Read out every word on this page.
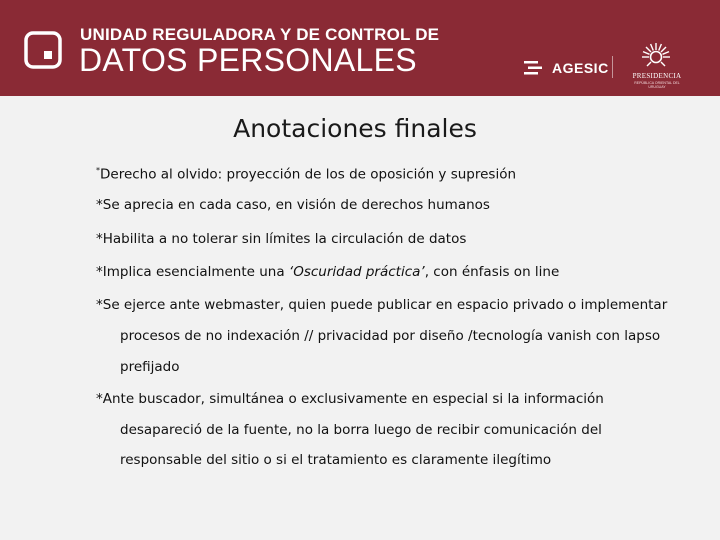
UNIDAD REGULADORA Y DE CONTROL DE
DATOS PERSONALES	AGESIC	PRESIDENCIA
REPÚBLICA ORIENTAL DEL URUGUAY
Anotaciones finales
*Derecho al olvido: proyección de los de oposición y supresión
*Se aprecia en cada caso, en visión de derechos humanos
*Habilita a no tolerar sin límites la circulación de datos
*Implica esencialmente una ‘Oscuridad práctica’, con énfasis on line
*Se ejerce ante webmaster, quien puede publicar en espacio privado o implementar
procesos de no indexación // privacidad por diseño /tecnología vanish con lapso
prefijado
*Ante buscador, simultánea o exclusivamente en especial si la información
desapareció de la fuente, no la borra luego de recibir comunicación del
responsable del sitio o si el tratamiento es claramente ilegítimo
